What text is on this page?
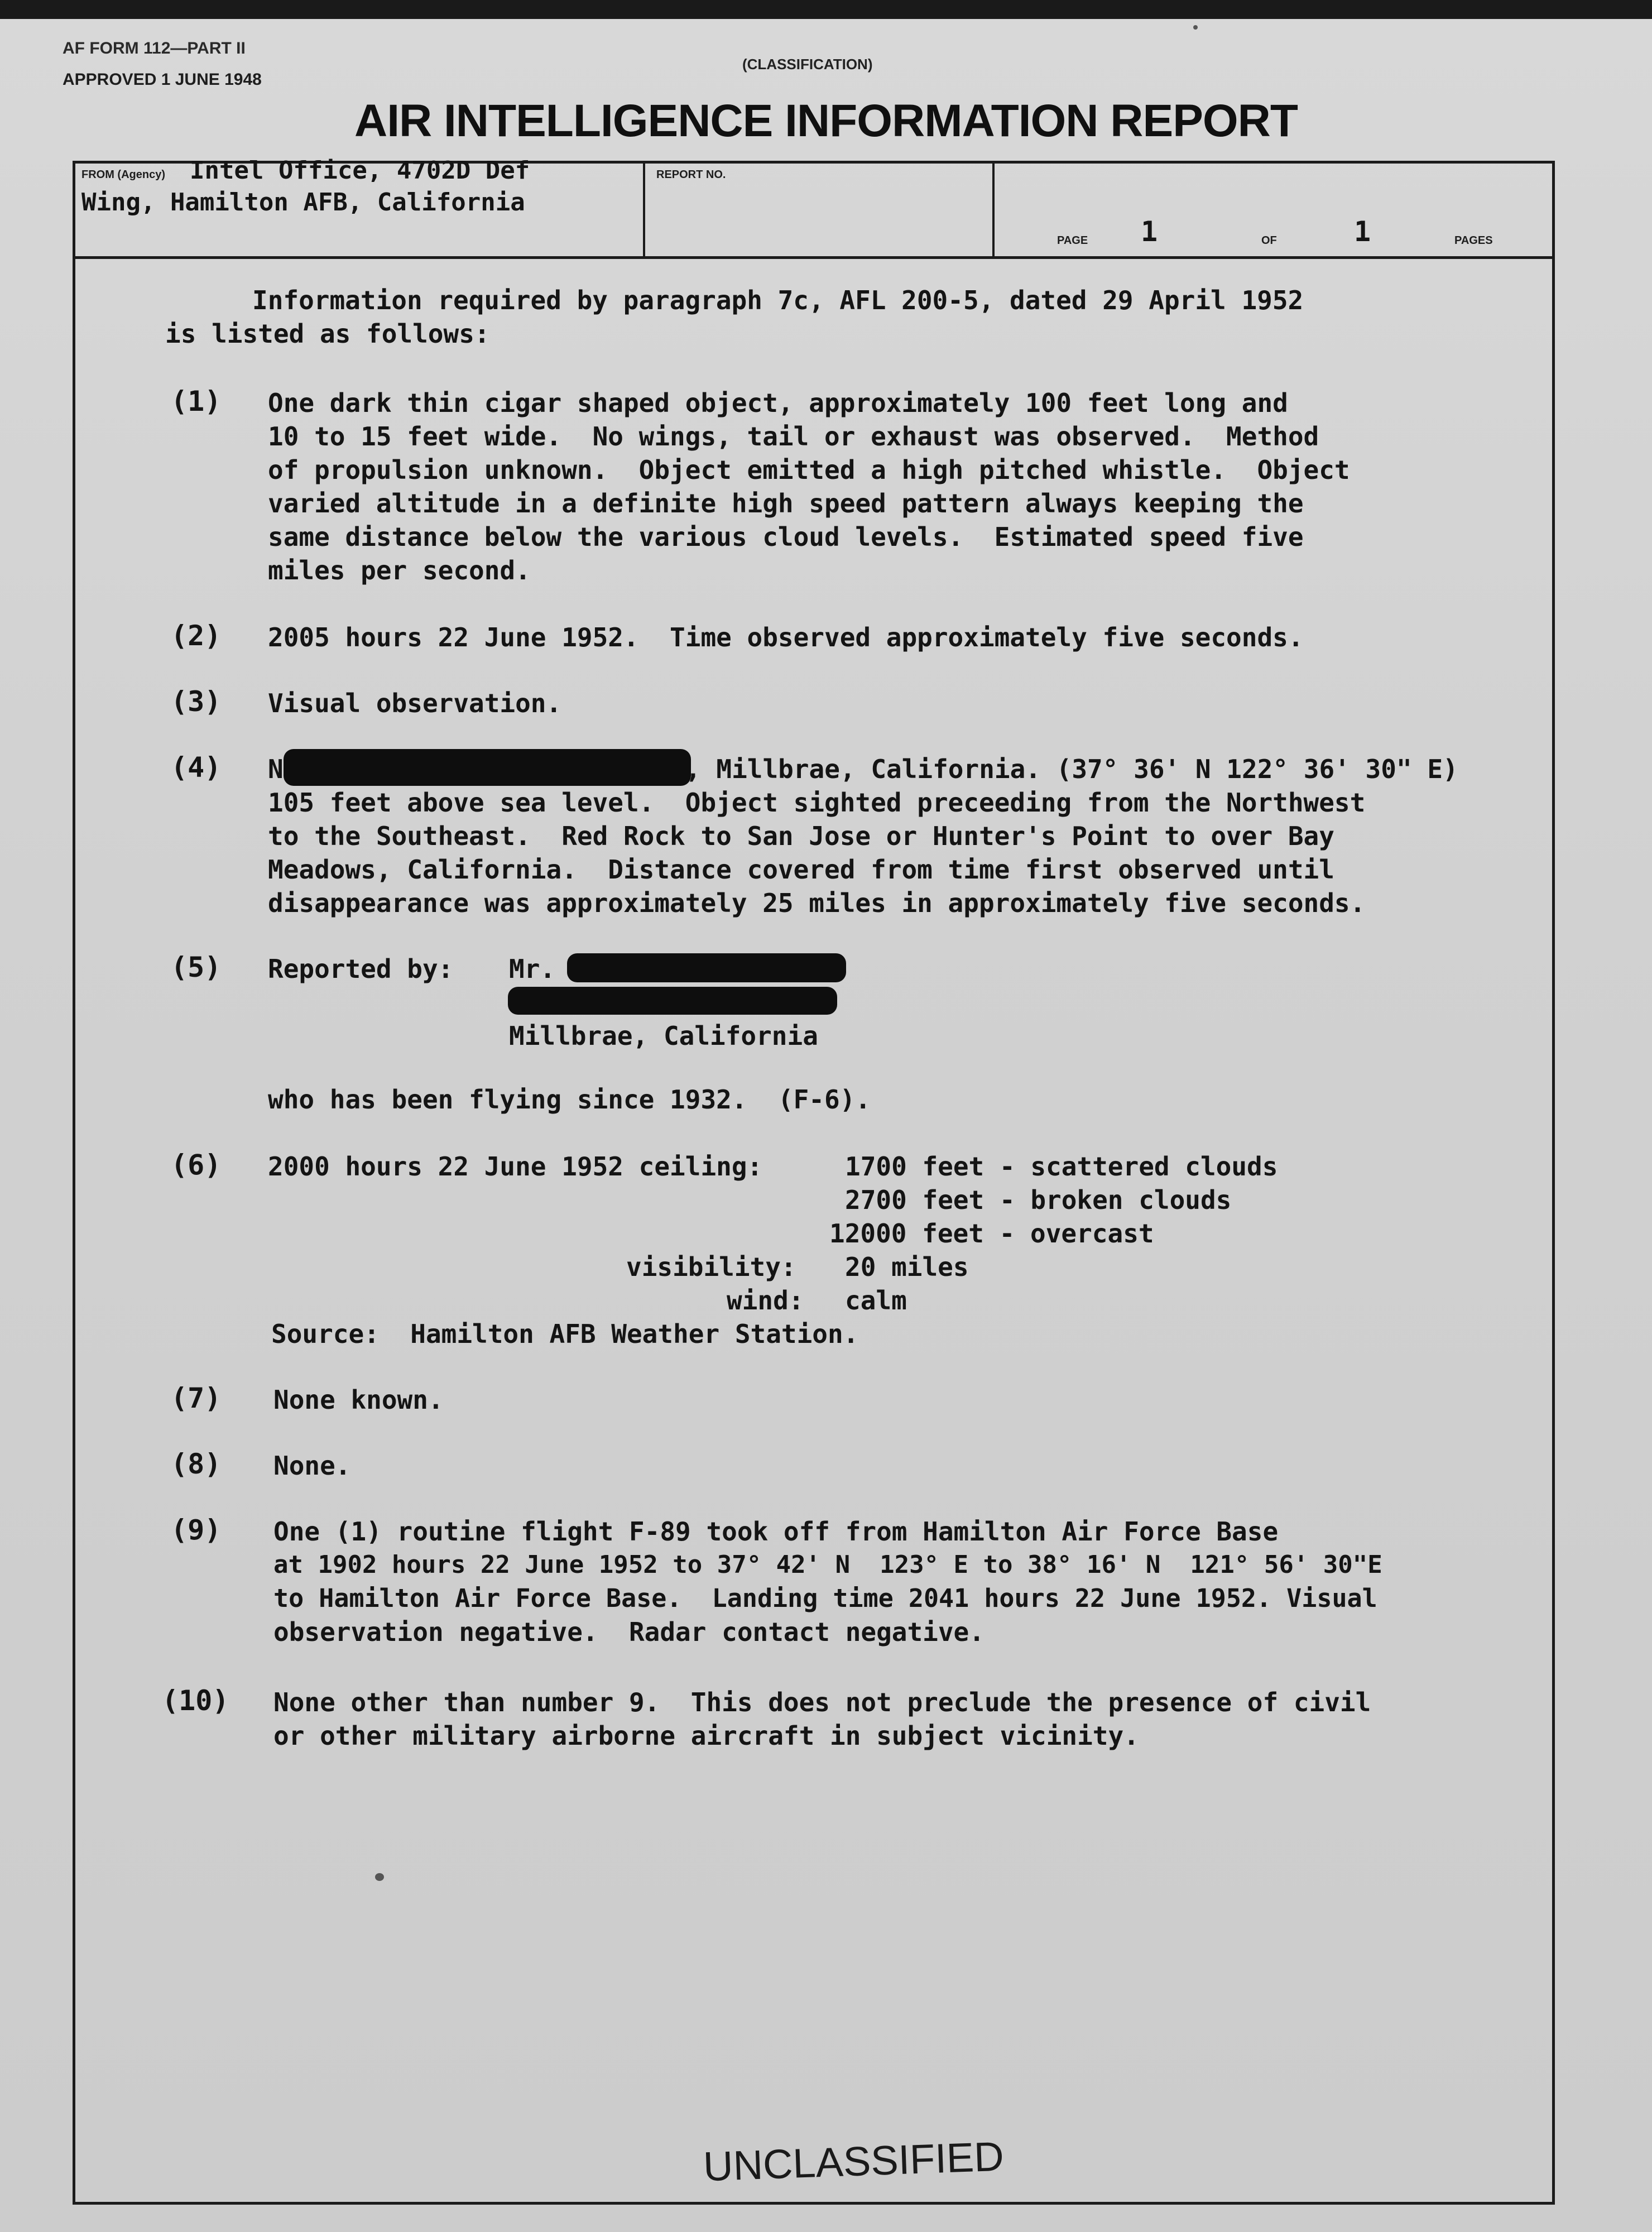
AF FORM 112—PART II
APPROVED 1 JUNE 1948
(CLASSIFICATION)
AIR INTELLIGENCE INFORMATION REPORT
FROM (Agency) Intel Office, 4702D Def
Wing, Hamilton AFB, California
REPORT NO.
PAGE 1	OF	1	PAGES
Information required by paragraph 7c, AFL 200-5, dated 29 April 1952
is listed as follows:
(1) One dark thin cigar shaped object, approximately 100 feet long and
10 to 15 feet wide.  No wings, tail or exhaust was observed.  Method
of propulsion unknown.  Object emitted a high pitched whistle.  Object
varied altitude in a definite high speed pattern always keeping the
same distance below the various cloud levels.  Estimated speed five
miles per second.
(2) 2005 hours 22 June 1952.  Time observed approximately five seconds.
(3) Visual observation.
(4) N	, Millbrae, California. (37° 36' N 122° 36' 30" E)
105 feet above sea level.  Object sighted preceeding from the Northwest
to the Southeast.  Red Rock to San Jose or Hunter's Point to over Bay
Meadows, California.  Distance covered from time first observed until
disappearance was approximately 25 miles in approximately five seconds.
(5) Reported by: Mr.
Millbrae, California
who has been flying since 1932.  (F-6).
(6) 2000 hours 22 June 1952 ceiling:	1700 feet - scattered clouds
2700 feet - broken clouds
12000 feet - overcast
visibility: 20 miles
wind: calm
Source:  Hamilton AFB Weather Station.
(7) None known.
(8) None.
(9) One (1) routine flight F-89 took off from Hamilton Air Force Base
at 1902 hours 22 June 1952 to 37° 42' N  123° E to 38° 16' N  121° 56' 30"E
to Hamilton Air Force Base.  Landing time 2041 hours 22 June 1952. Visual
observation negative.  Radar contact negative.
(10) None other than number 9.  This does not preclude the presence of civil
or other military airborne aircraft in subject vicinity.
UNCLASSIFIED
